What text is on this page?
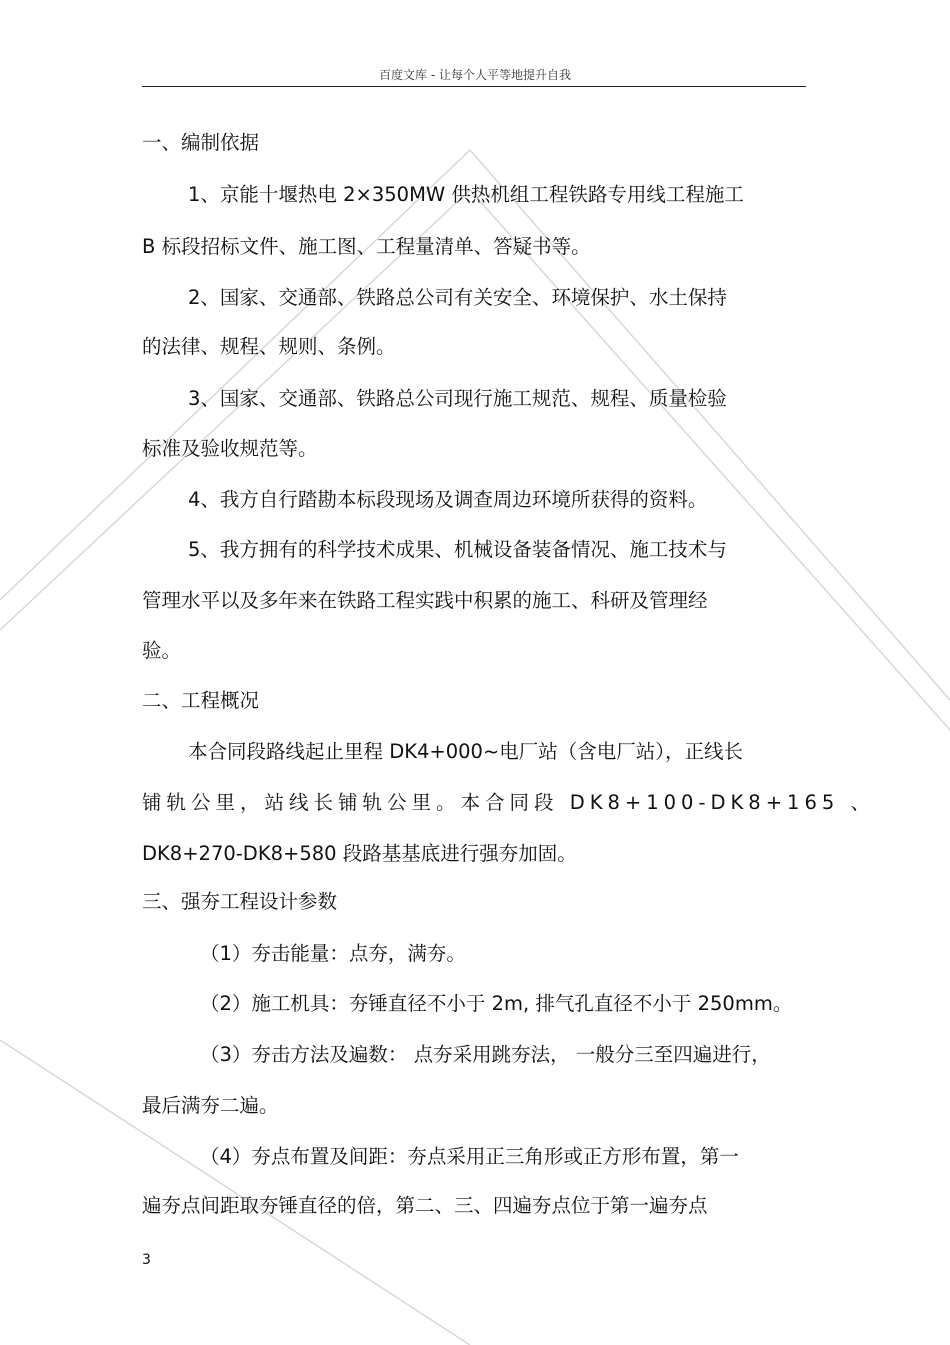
百度文库 - 让每个人平等地提升自我
一、编制依据
1、京能十堰热电 2×350MW 供热机组工程铁路专用线工程施工
B 标段招标文件、施工图、工程量清单、答疑书等。
2、国家、交通部、铁路总公司有关安全、环境保护、水土保持
的法律、规程、规则、条例。
3、国家、交通部、铁路总公司现行施工规范、规程、质量检验
标准及验收规范等。
4、我方自行踏勘本标段现场及调查周边环境所获得的资料。
5、我方拥有的科学技术成果、机械设备装备情况、施工技术与
管理水平以及多年来在铁路工程实践中积累的施工、科研及管理经
验。
二、工程概况
本合同段路线起止里程 DK4+000~电厂站（含电厂站），正线长
铺轨公里，站线长铺轨公里。本合同段 DK8+100-DK8+165 、
DK8+270-DK8+580 段路基基底进行强夯加固。
三、强夯工程设计参数
（1）夯击能量：点夯，满夯。
（2）施工机具：夯锤直径不小于 2m, 排气孔直径不小于 250mm。
（3）夯击方法及遍数： 点夯采用跳夯法， 一般分三至四遍进行，
最后满夯二遍。
（4）夯点布置及间距：夯点采用正三角形或正方形布置，第一
遍夯点间距取夯锤直径的倍，第二、三、四遍夯点位于第一遍夯点
3
